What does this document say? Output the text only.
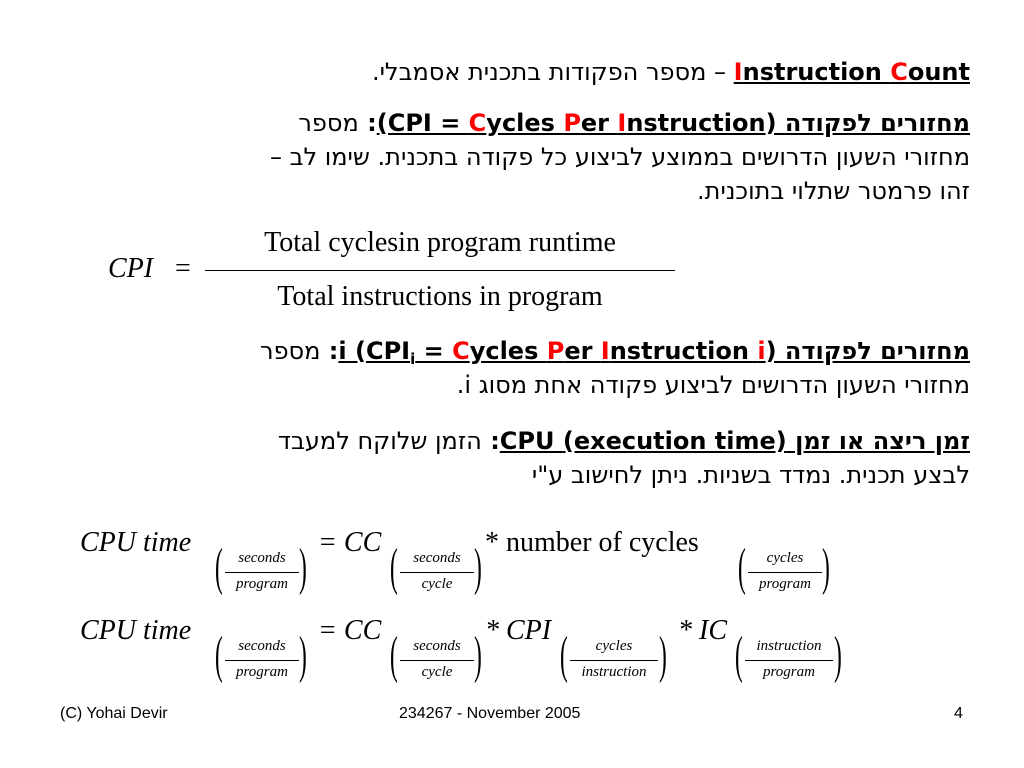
Instruction Count – מספר הפקודות בתכנית אסמבלי.
מחזורים לפקודה (CPI = Cycles Per Instruction): מספר
מחזורי השעון הדרושים בממוצע לביצוע כל פקודה בתכנית. שימו לב –
זהו פרמטר שתלוי בתוכנית.
CPI =
Total cyclesin program runtime
Total instructions in program
מחזורים לפקודה i ($CPI_i$ = Cycles Per Instruction i): מספר
מחזורי השעון הדרושים לביצוע פקודה אחת מסוג i.
זמן ריצה או זמן CPU (execution time): הזמן שלוקח למעבד
לבצע תכנית. נמדד בשניות. ניתן לחישוב ע"י
CPU time (	seconds
program ) = CC (	seconds
cycle ) * number of cycles (	cycles
program )
CPU time (	seconds
program ) = CC (	seconds
cycle ) * CPI (	cycles
instruction ) * IC ( instruction
program )
(C) Yohai Devir	234267 - November 2005	4
